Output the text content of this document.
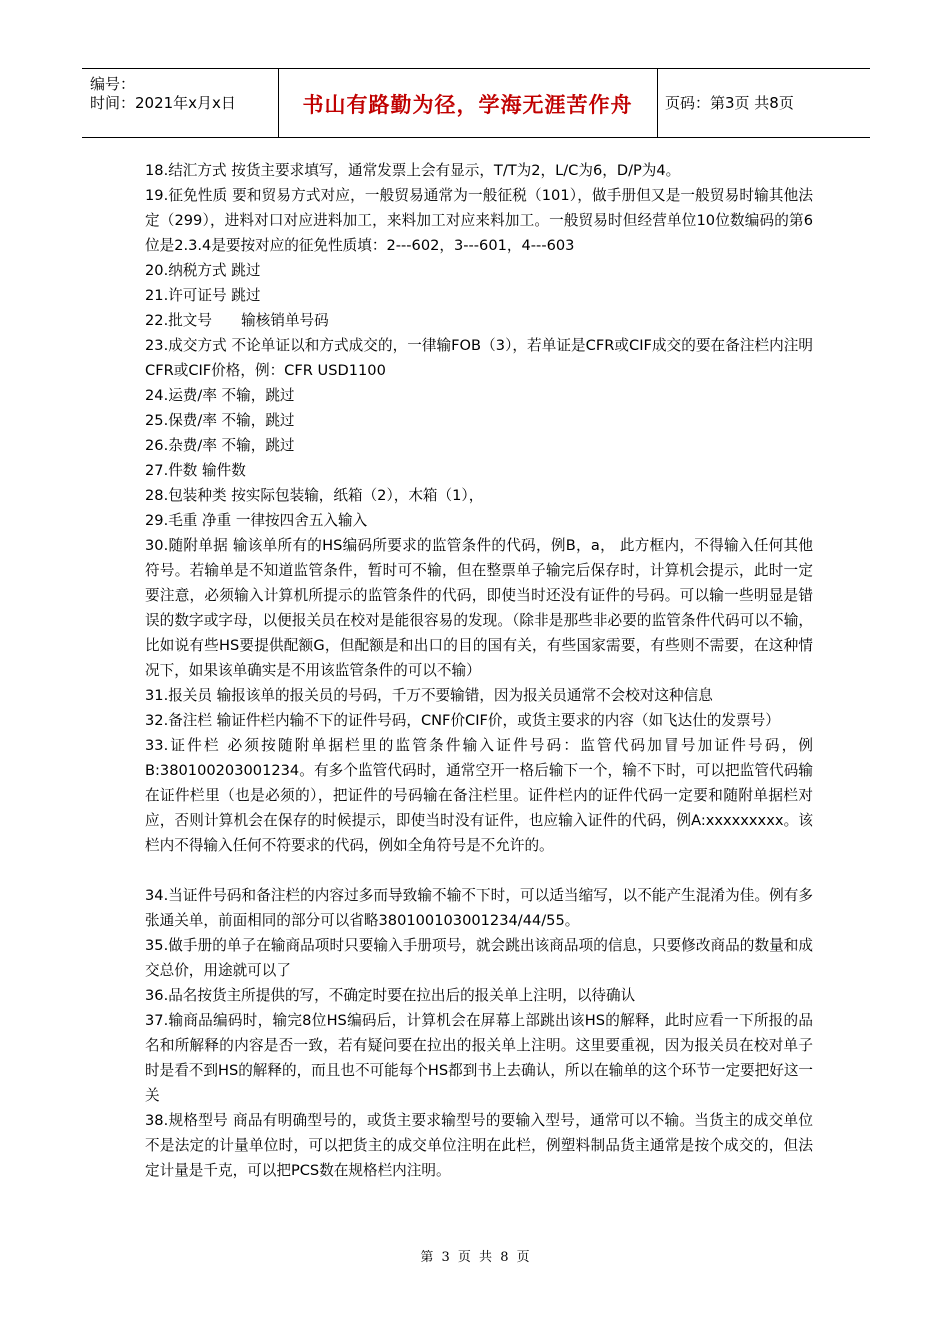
编号：
时间：2021年x月x日	书山有路勤为径，学海无涯苦作舟	页码：第3页 共8页

18.结汇方式 按货主要求填写，通常发票上会有显示，T/T为2，L/C为6，D/P为4。

19.征免性质 要和贸易方式对应，一般贸易通常为一般征税（101），做手册但又是一般贸易时输其他法定（299），进料对口对应进料加工，来料加工对应来料加工。一般贸易时但经营单位10位数编码的第6位是2.3.4是要按对应的征免性质填：2---602，3---601，4---603

20.纳税方式 跳过

21.许可证号 跳过

22.批文号　　输核销单号码

23.成交方式 不论单证以和方式成交的，一律输FOB（3），若单证是CFR或CIF成交的要在备注栏内注明CFR或CIF价格，例：CFR USD1100

24.运费/率 不输，跳过

25.保费/率 不输，跳过

26.杂费/率 不输，跳过

27.件数 输件数

28.包装种类 按实际包装输，纸箱（2），木箱（1），

29.毛重 净重 一律按四舍五入输入

30.随附单据 输该单所有的HS编码所要求的监管条件的代码，例B，a， 此方框内，不得输入任何其他符号。若输单是不知道监管条件，暂时可不输，但在整票单子输完后保存时，计算机会提示，此时一定要注意，必须输入计算机所提示的监管条件的代码，即使当时还没有证件的号码。可以输一些明显是错误的数字或字母，以便报关员在校对是能很容易的发现。（除非是那些非必要的监管条件代码可以不输，比如说有些HS要提供配额G，但配额是和出口的目的国有关，有些国家需要，有些则不需要，在这种情况下，如果该单确实是不用该监管条件的可以不输）

31.报关员 输报该单的报关员的号码，千万不要输错，因为报关员通常不会校对这种信息

32.备注栏 输证件栏内输不下的证件号码，CNF价CIF价，或货主要求的内容（如飞达仕的发票号）

33.证件栏 必须按随附单据栏里的监管条件输入证件号码：监管代码加冒号加证件号码，例B:380100203001234。有多个监管代码时，通常空开一格后输下一个，输不下时，可以把监管代码输在证件栏里（也是必须的），把证件的号码输在备注栏里。证件栏内的证件代码一定要和随附单据栏对应，否则计算机会在保存的时候提示，即使当时没有证件，也应输入证件的代码，例A:xxxxxxxxx。该栏内不得输入任何不符要求的代码，例如全角符号是不允许的。

34.当证件号码和备注栏的内容过多而导致输不输不下时，可以适当缩写，以不能产生混淆为佳。例有多张通关单，前面相同的部分可以省略380100103001234/44/55。

35.做手册的单子在输商品项时只要输入手册项号，就会跳出该商品项的信息，只要修改商品的数量和成交总价，用途就可以了

36.品名按货主所提供的写，不确定时要在拉出后的报关单上注明，以待确认

37.输商品编码时，输完8位HS编码后，计算机会在屏幕上部跳出该HS的解释，此时应看一下所报的品名和所解释的内容是否一致，若有疑问要在拉出的报关单上注明。这里要重视，因为报关员在校对单子时是看不到HS的解释的，而且也不可能每个HS都到书上去确认，所以在输单的这个环节一定要把好这一关

38.规格型号 商品有明确型号的，或货主要求输型号的要输入型号，通常可以不输。当货主的成交单位不是法定的计量单位时，可以把货主的成交单位注明在此栏，例塑料制品货主通常是按个成交的，但法定计量是千克，可以把PCS数在规格栏内注明。

第 3 页 共 8 页
